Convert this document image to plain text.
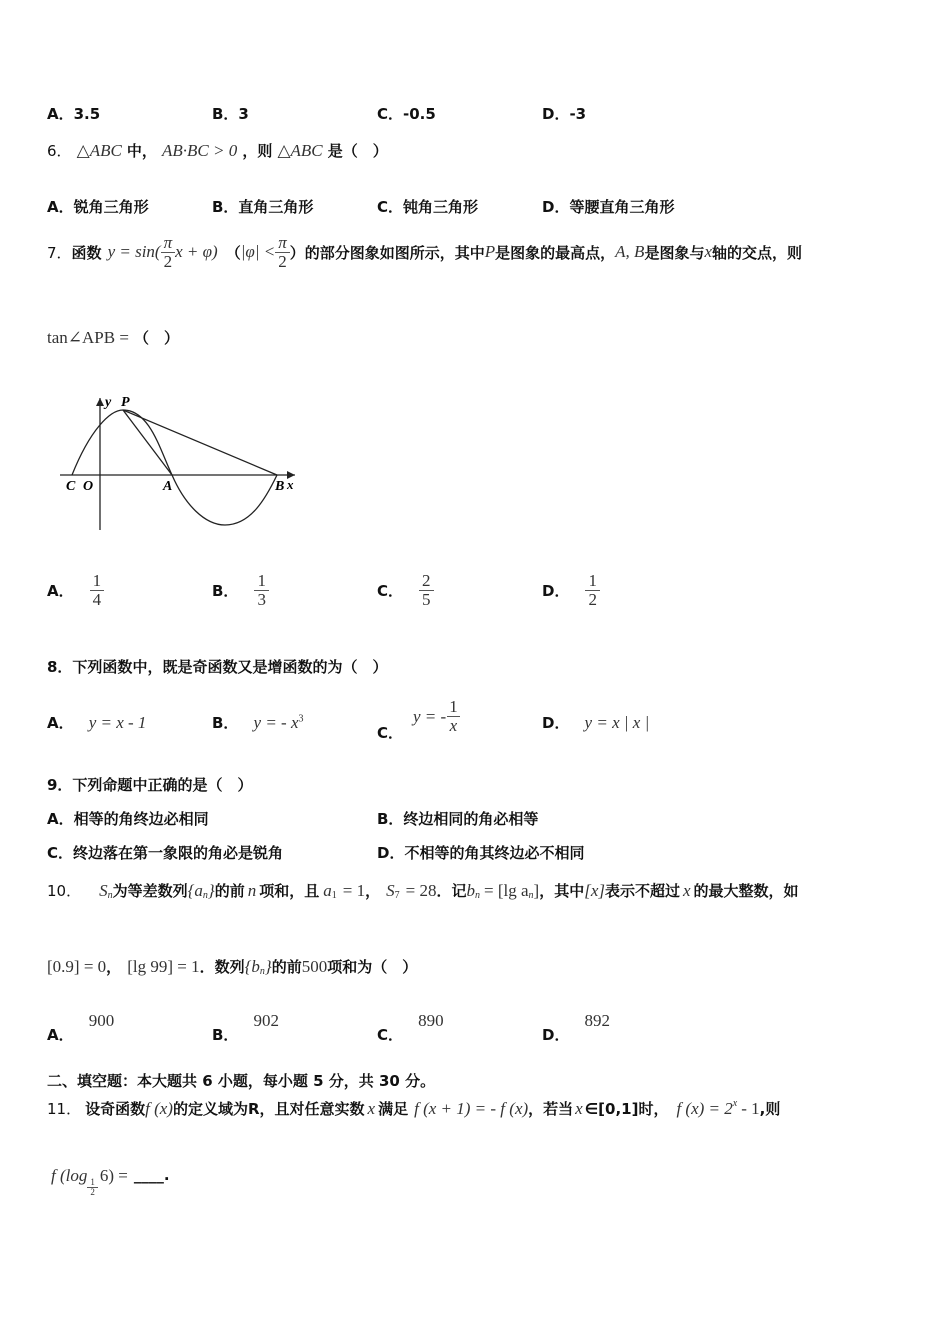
A．3.5	B．3	C．-0.5	D．-3
6． △ABC 中， AB·BC > 0 ，则 △ABC 是（　）
A．锐角三角形	B．直角三角形	C．钝角三角形	D．等腰直角三角形
7． 函数 $y = \sin( \frac{\pi}{2}$ x + φ) （ $|\varphi| < \frac{\pi}{2}$ ）的部分图象如图所示，其中 P 是图象的最高点， A, B 是图象与 x 轴的交点，则
tan∠APB = （　）
y P
C O	A	B x
A． $\frac{1}{4}$	B． $\frac{1}{3}$	C． $\frac{2}{5}$	D． $\frac{1}{2}$
8．下列函数中，既是奇函数又是增函数的为（　）
A． y = x - 1	B． y = - $x^3$
C．
y = - $\frac{1}{x}$	D． y = x | x |
9．下列命题中正确的是（　）
A．相等的角终边必相同	B．终边相同的角必相等
C．终边落在第一象限的角必是锐角	D．不相等的角其终边必不相同
10． $S_n$ 为等差数列 {$a_n$ } 的前 n 项和，且 $a_1 = 1$ ， $S_7 = 28$ ．记 $b_n = [\lg$ $a_n$ ] ，其中 [x] 表示不超过 x 的最大整数，如
[0.9] = 0 ， [lg 99] = 1 ．数列 {$b_n$ } 的前 500 项和为（　）
A． 900
B． 902
C． 890
D． 892
二、填空题：本大题共 6 小题，每小题 5 分，共 30 分。
11． 设奇函数 f (x) 的定义域为 R ，且对任意实数 x 满足 f (x + 1) = - f (x) ，若当 x ∈[0,1]时， f $(x) = 2^x - 1$ ,则
f (log
$\frac{1}{2}$
6) = ____ .
